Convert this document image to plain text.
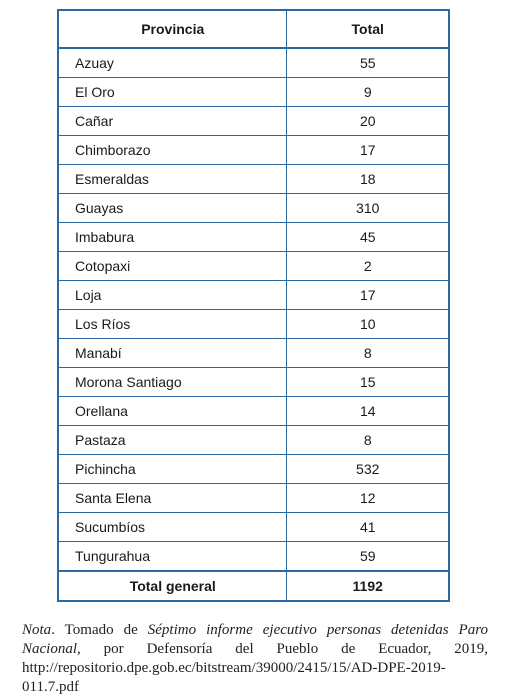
Provincia	Total
Azuay	55
El Oro	9
Cañar	20
Chimborazo	17
Esmeraldas	18
Guayas	310
Imbabura	45
Cotopaxi	2
Loja	17
Los Ríos	10
Manabí	8
Morona Santiago	15
Orellana	14
Pastaza	8
Pichincha	532
Santa Elena	12
Sucumbíos	41
Tungurahua	59
Total general	1192

Nota. Tomado de Séptimo informe ejecutivo personas detenidas Paro Nacional, por Defensoría del Pueblo de Ecuador, 2019, http://repositorio.dpe.gob.ec/bitstream/39000/2415/15/AD-DPE-2019-011.7.pdf
